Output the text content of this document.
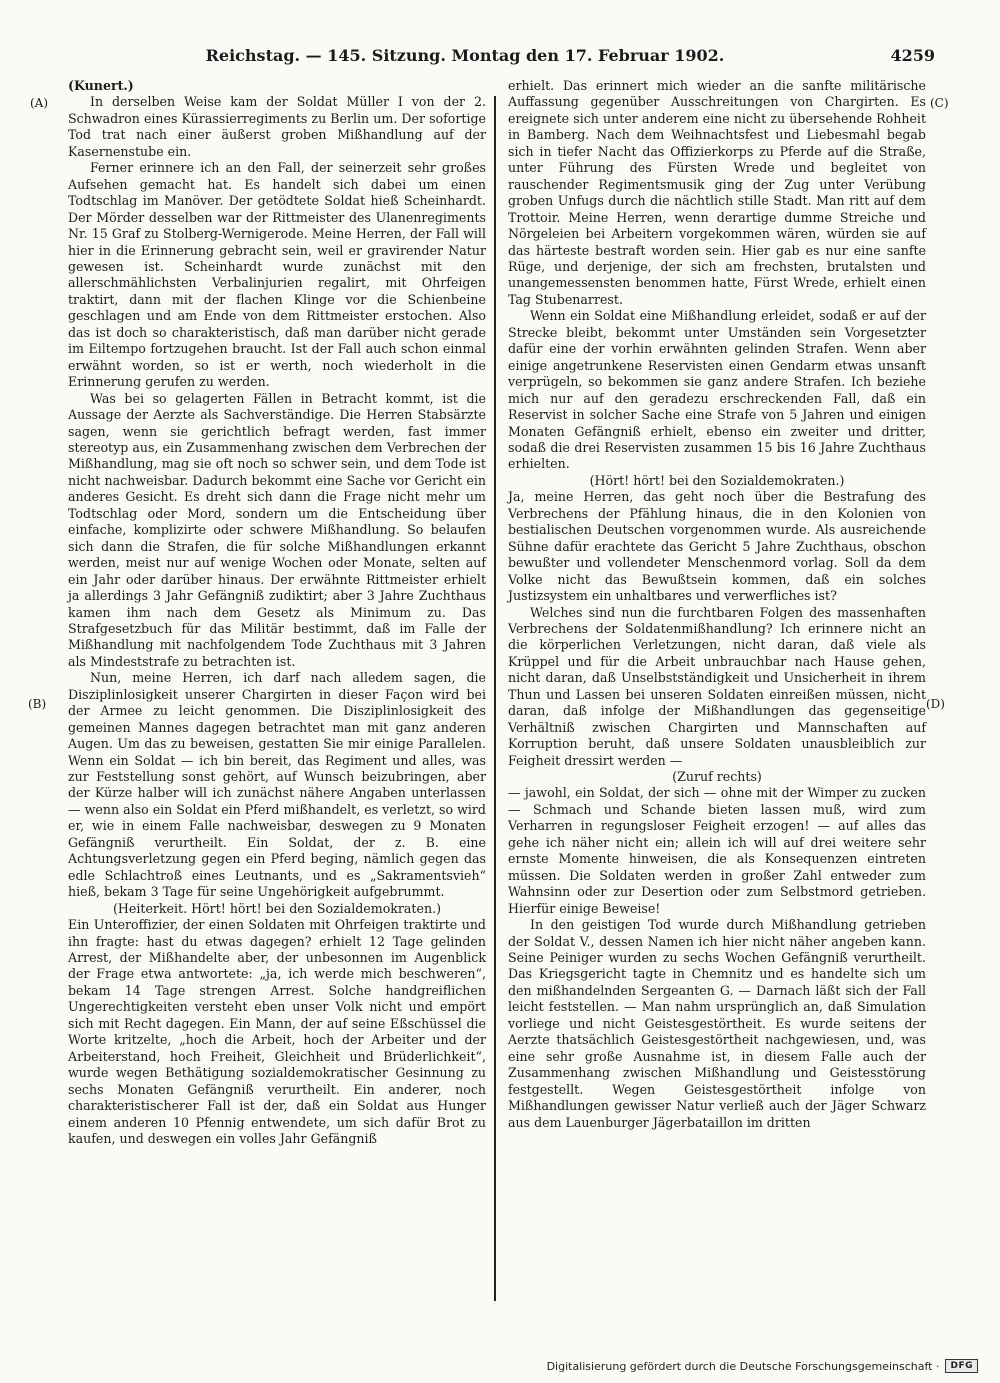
Reichstag. — 145. Sitzung. Montag den 17. Februar 1902.	4259
(A)
(B)
(C)
(D)

(Kunert.)

In derselben Weise kam der Soldat Müller I von der 2. Schwadron eines Kürassierregiments zu Berlin um. Der sofortige Tod trat nach einer äußerst groben Mißhandlung auf der Kasernenstube ein.

Ferner erinnere ich an den Fall, der seinerzeit sehr großes Aufsehen gemacht hat. Es handelt sich dabei um einen Todtschlag im Manöver. Der getödtete Soldat hieß Scheinhardt. Der Mörder desselben war der Rittmeister des Ulanenregiments Nr. 15 Graf zu Stolberg-Wernigerode. Meine Herren, der Fall will hier in die Erinnerung gebracht sein, weil er gravirender Natur gewesen ist. Scheinhardt wurde zunächst mit den allerschmählichsten Verbalinjurien regalirt, mit Ohrfeigen traktirt, dann mit der flachen Klinge vor die Schienbeine geschlagen und am Ende von dem Rittmeister erstochen. Also das ist doch so charakteristisch, daß man darüber nicht gerade im Eiltempo fortzugehen braucht. Ist der Fall auch schon einmal erwähnt worden, so ist er werth, noch wiederholt in die Erinnerung gerufen zu werden.

Was bei so gelagerten Fällen in Betracht kommt, ist die Aussage der Aerzte als Sachverständige. Die Herren Stabsärzte sagen, wenn sie gerichtlich befragt werden, fast immer stereotyp aus, ein Zusammenhang zwischen dem Verbrechen der Mißhandlung, mag sie oft noch so schwer sein, und dem Tode ist nicht nachweisbar. Dadurch bekommt eine Sache vor Gericht ein anderes Gesicht. Es dreht sich dann die Frage nicht mehr um Todtschlag oder Mord, sondern um die Entscheidung über einfache, komplizirte oder schwere Mißhandlung. So belaufen sich dann die Strafen, die für solche Mißhandlungen erkannt werden, meist nur auf wenige Wochen oder Monate, selten auf ein Jahr oder darüber hinaus. Der erwähnte Rittmeister erhielt ja allerdings 3 Jahr Gefängniß zudiktirt; aber 3 Jahre Zuchthaus kamen ihm nach dem Gesetz als Minimum zu. Das Strafgesetzbuch für das Militär bestimmt, daß im Falle der Mißhandlung mit nachfolgendem Tode Zuchthaus mit 3 Jahren als Mindeststrafe zu betrachten ist.

Nun, meine Herren, ich darf nach alledem sagen, die Disziplinlosigkeit unserer Chargirten in dieser Façon wird bei der Armee zu leicht genommen. Die Disziplinlosigkeit des gemeinen Mannes dagegen betrachtet man mit ganz anderen Augen. Um das zu beweisen, gestatten Sie mir einige Parallelen. Wenn ein Soldat — ich bin bereit, das Regiment und alles, was zur Feststellung sonst gehört, auf Wunsch beizubringen, aber der Kürze halber will ich zunächst nähere Angaben unterlassen — wenn also ein Soldat ein Pferd mißhandelt, es verletzt, so wird er, wie in einem Falle nachweisbar, deswegen zu 9 Monaten Gefängniß verurtheilt. Ein Soldat, der z. B. eine Achtungsverletzung gegen ein Pferd beging, nämlich gegen das edle Schlachtroß eines Leutnants, und es „Sakramentsvieh“ hieß, bekam 3 Tage für seine Ungehörigkeit aufgebrummt.

(Heiterkeit. Hört! hört! bei den Sozialdemokraten.)

Ein Unteroffizier, der einen Soldaten mit Ohrfeigen traktirte und ihn fragte: hast du etwas dagegen? erhielt 12 Tage gelinden Arrest, der Mißhandelte aber, der unbesonnen im Augenblick der Frage etwa antwortete: „ja, ich werde mich beschweren“, bekam 14 Tage strengen Arrest. Solche handgreiflichen Ungerechtigkeiten versteht eben unser Volk nicht und empört sich mit Recht dagegen. Ein Mann, der auf seine Eßschüssel die Worte kritzelte, „hoch die Arbeit, hoch der Arbeiter und der Arbeiterstand, hoch Freiheit, Gleichheit und Brüderlichkeit“, wurde wegen Bethätigung sozialdemokratischer Gesinnung zu sechs Monaten Gefängniß verurtheilt. Ein anderer, noch charakteristischerer Fall ist der, daß ein Soldat aus Hunger einem anderen 10 Pfennig entwendete, um sich dafür Brot zu kaufen, und deswegen ein volles Jahr Gefängniß

erhielt. Das erinnert mich wieder an die sanfte militärische Auffassung gegenüber Ausschreitungen von Chargirten. Es ereignete sich unter anderem eine nicht zu übersehende Rohheit in Bamberg. Nach dem Weihnachtsfest und Liebesmahl begab sich in tiefer Nacht das Offizierkorps zu Pferde auf die Straße, unter Führung des Fürsten Wrede und begleitet von rauschender Regimentsmusik ging der Zug unter Verübung groben Unfugs durch die nächtlich stille Stadt. Man ritt auf dem Trottoir. Meine Herren, wenn derartige dumme Streiche und Nörgeleien bei Arbeitern vorgekommen wären, würden sie auf das härteste bestraft worden sein. Hier gab es nur eine sanfte Rüge, und derjenige, der sich am frechsten, brutalsten und unangemessensten benommen hatte, Fürst Wrede, erhielt einen Tag Stubenarrest.

Wenn ein Soldat eine Mißhandlung erleidet, sodaß er auf der Strecke bleibt, bekommt unter Umständen sein Vorgesetzter dafür eine der vorhin erwähnten gelinden Strafen. Wenn aber einige angetrunkene Reservisten einen Gendarm etwas unsanft verprügeln, so bekommen sie ganz andere Strafen. Ich beziehe mich nur auf den geradezu erschreckenden Fall, daß ein Reservist in solcher Sache eine Strafe von 5 Jahren und einigen Monaten Gefängniß erhielt, ebenso ein zweiter und dritter, sodaß die drei Reservisten zusammen 15 bis 16 Jahre Zuchthaus erhielten.

(Hört! hört! bei den Sozialdemokraten.)

Ja, meine Herren, das geht noch über die Bestrafung des Verbrechens der Pfählung hinaus, die in den Kolonien von bestialischen Deutschen vorgenommen wurde. Als ausreichende Sühne dafür erachtete das Gericht 5 Jahre Zuchthaus, obschon bewußter und vollendeter Menschenmord vorlag. Soll da dem Volke nicht das Bewußtsein kommen, daß ein solches Justizsystem ein unhaltbares und verwerfliches ist?

Welches sind nun die furchtbaren Folgen des massenhaften Verbrechens der Soldatenmißhandlung? Ich erinnere nicht an die körperlichen Verletzungen, nicht daran, daß viele als Krüppel und für die Arbeit unbrauchbar nach Hause gehen, nicht daran, daß Unselbstständigkeit und Unsicherheit in ihrem Thun und Lassen bei unseren Soldaten einreißen müssen, nicht daran, daß infolge der Mißhandlungen das gegenseitige Verhältniß zwischen Chargirten und Mannschaften auf Korruption beruht, daß unsere Soldaten unausbleiblich zur Feigheit dressirt werden —

(Zuruf rechts)

— jawohl, ein Soldat, der sich — ohne mit der Wimper zu zucken — Schmach und Schande bieten lassen muß, wird zum Verharren in regungsloser Feigheit erzogen! — auf alles das gehe ich näher nicht ein; allein ich will auf drei weitere sehr ernste Momente hinweisen, die als Konsequenzen eintreten müssen. Die Soldaten werden in großer Zahl entweder zum Wahnsinn oder zur Desertion oder zum Selbstmord getrieben. Hierfür einige Beweise!

In den geistigen Tod wurde durch Mißhandlung getrieben der Soldat V., dessen Namen ich hier nicht näher angeben kann. Seine Peiniger wurden zu sechs Wochen Gefängniß verurtheilt. Das Kriegsgericht tagte in Chemnitz und es handelte sich um den mißhandelnden Sergeanten G. — Darnach läßt sich der Fall leicht feststellen. — Man nahm ursprünglich an, daß Simulation vorliege und nicht Geistesgestörtheit. Es wurde seitens der Aerzte thatsächlich Geistesgestörtheit nachgewiesen, und, was eine sehr große Ausnahme ist, in diesem Falle auch der Zusammenhang zwischen Mißhandlung und Geistesstörung festgestellt. Wegen Geistesgestörtheit infolge von Mißhandlungen gewisser Natur verließ auch der Jäger Schwarz aus dem Lauenburger Jägerbataillon im dritten

Digitalisierung gefördert durch die Deutsche Forschungsgemeinschaft ·	DFG
